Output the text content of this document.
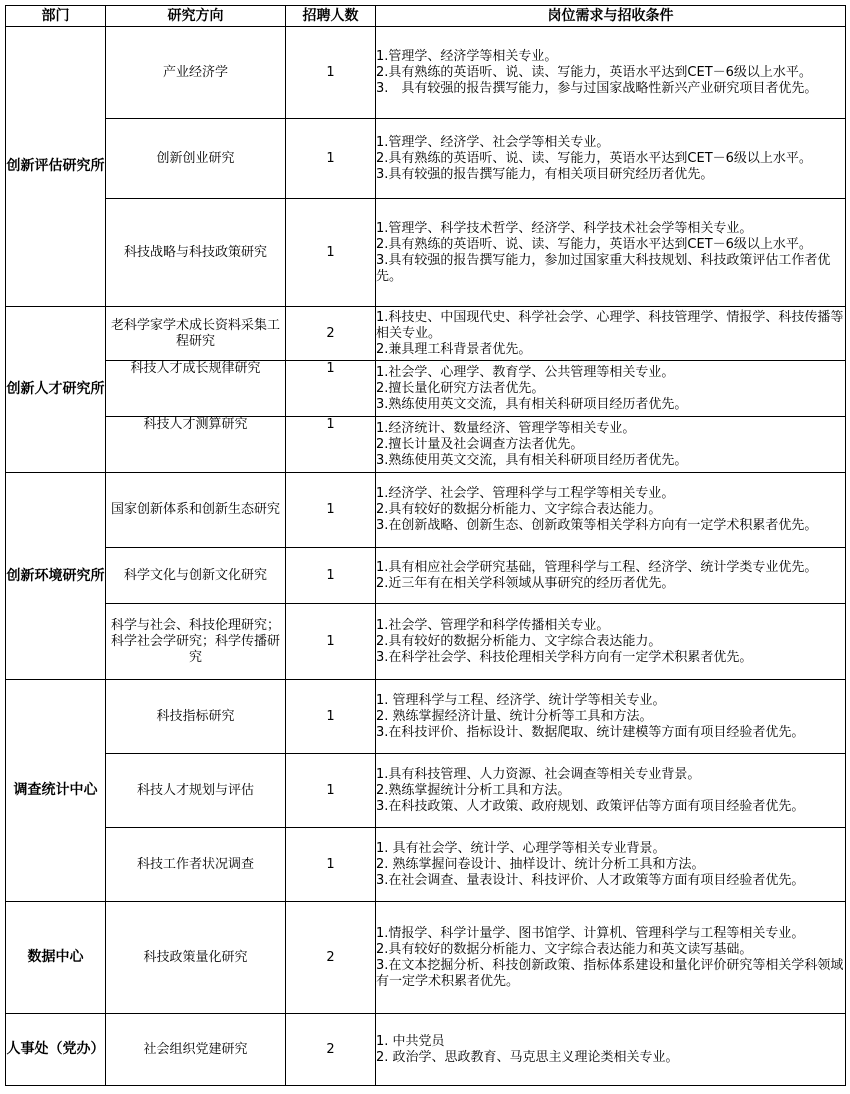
部门	研究方向	招聘人数	岗位需求与招收条件
创新评估研究所	产业经济学	1	1.管理学、经济学等相关专业。
2.具有熟练的英语听、说、读、写能力，英语水平达到CET－6级以上水平。
3.　具有较强的报告撰写能力，参与过国家战略性新兴产业研究项目者优先。

	创新创业研究	1	1.管理学、经济学、社会学等相关专业。
2.具有熟练的英语听、说、读、写能力，英语水平达到CET－6级以上水平。
3.具有较强的报告撰写能力，有相关项目研究经历者优先。

	科技战略与科技政策研究	1	1.管理学、科学技术哲学、经济学、科学技术社会学等相关专业。
2.具有熟练的英语听、说、读、写能力，英语水平达到CET－6级以上水平。
3.具有较强的报告撰写能力，参加过国家重大科技规划、科技政策评估工作者优先。

创新人才研究所	老科学家学术成长资料采集工程研究	2	1.科技史、中国现代史、科学社会学、心理学、科技管理学、情报学、科技传播等相关专业。
2.兼具理工科背景者优先。

	科技人才成长规律研究	1	1.社会学、心理学、教育学、公共管理等相关专业。
2.擅长量化研究方法者优先。
3.熟练使用英文交流，具有相关科研项目经历者优先。

	科技人才测算研究	1	1.经济统计、数量经济、管理学等相关专业。
2.擅长计量及社会调查方法者优先。
3.熟练使用英文交流，具有相关科研项目经历者优先。

创新环境研究所	国家创新体系和创新生态研究	1	1.经济学、社会学、管理科学与工程学等相关专业。
2.具有较好的数据分析能力、文字综合表达能力。
3.在创新战略、创新生态、创新政策等相关学科方向有一定学术积累者优先。

	科学文化与创新文化研究	1	1.具有相应社会学研究基础，管理科学与工程、经济学、统计学类专业优先。
2.近三年有在相关学科领域从事研究的经历者优先。

	科学与社会、科技伦理研究；科学社会学研究；科学传播研究	1	1.社会学、管理学和科学传播相关专业。
2.具有较好的数据分析能力、文字综合表达能力。
3.在科学社会学、科技伦理相关学科方向有一定学术积累者优先。

调查统计中心	科技指标研究	1	1. 管理科学与工程、经济学、统计学等相关专业。
2. 熟练掌握经济计量、统计分析等工具和方法。
3.在科技评价、指标设计、数据爬取、统计建模等方面有项目经验者优先。

	科技人才规划与评估	1	1.具有科技管理、人力资源、社会调查等相关专业背景。
2.熟练掌握统计分析工具和方法。
3.在科技政策、人才政策、政府规划、政策评估等方面有项目经验者优先。

	科技工作者状况调查	1	1. 具有社会学、统计学、心理学等相关专业背景。
2. 熟练掌握问卷设计、抽样设计、统计分析工具和方法。
3.在社会调查、量表设计、科技评价、人才政策等方面有项目经验者优先。

数据中心	科技政策量化研究	2	1.情报学、科学计量学、图书馆学、计算机、管理科学与工程等相关专业。
2.具有较好的数据分析能力、文字综合表达能力和英文读写基础。
3.在文本挖掘分析、科技创新政策、指标体系建设和量化评价研究等相关学科领域有一定学术积累者优先。

人事处（党办）	社会组织党建研究	2	1. 中共党员
2. 政治学、思政教育、马克思主义理论类相关专业。
